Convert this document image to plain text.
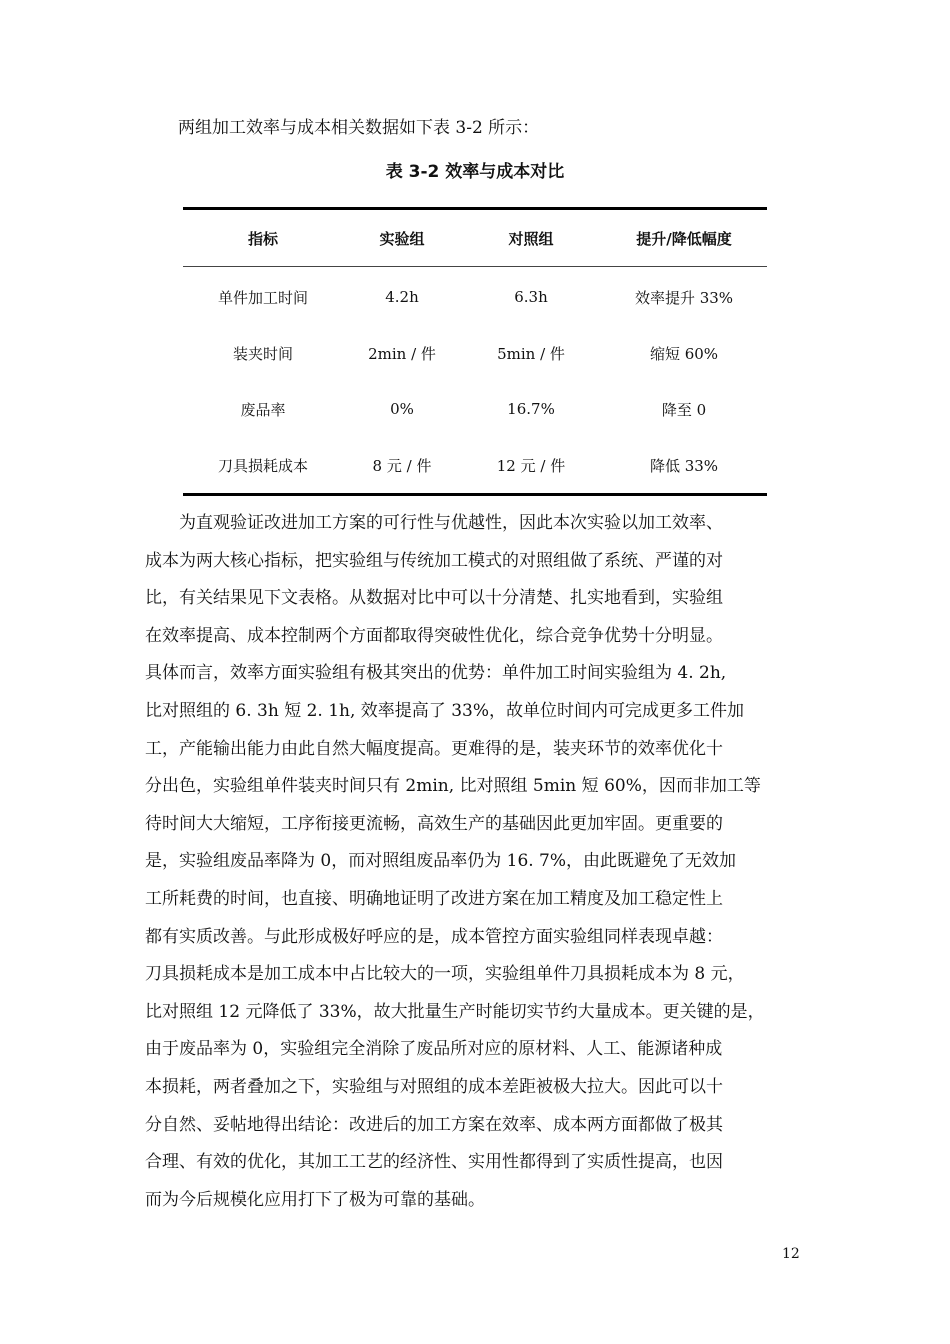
两组加工效率与成本相关数据如下表 3-2 所示：
表 3-2 效率与成本对比
指标	实验组	对照组	提升/降低幅度
单件加工时间	4.2h	6.3h	效率提升 33%
装夹时间	2min / 件	5min / 件	缩短 60%
废品率	0%	16.7%	降至 0
刀具损耗成本	8 元 / 件	12 元 / 件	降低 33%
　　为直观验证改进加工方案的可行性与优越性，因此本次实验以加工效率、
成本为两大核心指标，把实验组与传统加工模式的对照组做了系统、严谨的对
比，有关结果见下文表格。从数据对比中可以十分清楚、扎实地看到，实验组
在效率提高、成本控制两个方面都取得突破性优化，综合竞争优势十分明显。
具体而言，效率方面实验组有极其突出的优势：单件加工时间实验组为 4. 2h,
比对照组的 6. 3h 短 2. 1h, 效率提高了 33%，故单位时间内可完成更多工件加
工，产能输出能力由此自然大幅度提高。更难得的是，装夹环节的效率优化十
分出色，实验组单件装夹时间只有 2min, 比对照组 5min 短 60%，因而非加工等
待时间大大缩短，工序衔接更流畅，高效生产的基础因此更加牢固。更重要的
是，实验组废品率降为 0，而对照组废品率仍为 16. 7%，由此既避免了无效加
工所耗费的时间，也直接、明确地证明了改进方案在加工精度及加工稳定性上
都有实质改善。与此形成极好呼应的是，成本管控方面实验组同样表现卓越：
刀具损耗成本是加工成本中占比较大的一项，实验组单件刀具损耗成本为 8 元，
比对照组 12 元降低了 33%，故大批量生产时能切实节约大量成本。更关键的是，
由于废品率为 0，实验组完全消除了废品所对应的原材料、人工、能源诸种成
本损耗，两者叠加之下，实验组与对照组的成本差距被极大拉大。因此可以十
分自然、妥帖地得出结论：改进后的加工方案在效率、成本两方面都做了极其
合理、有效的优化，其加工工艺的经济性、实用性都得到了实质性提高，也因
而为今后规模化应用打下了极为可靠的基础。
12
